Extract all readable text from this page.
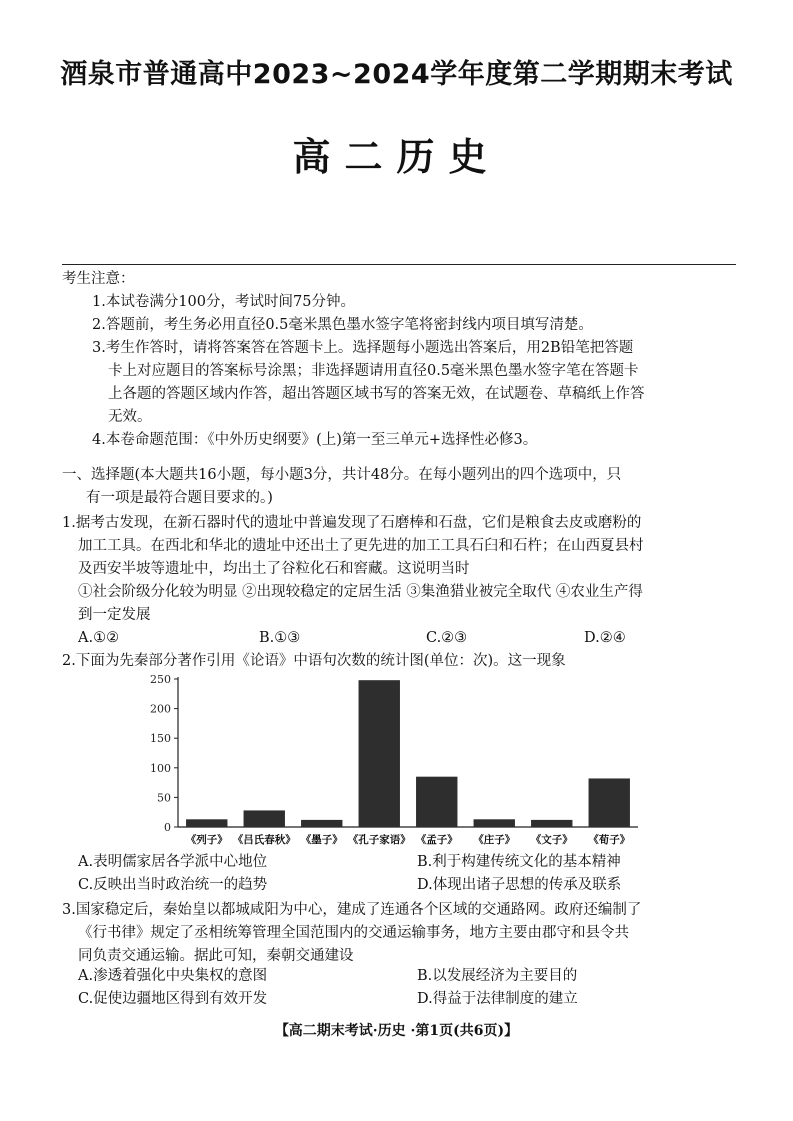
酒泉市普通高中2023~2024学年度第二学期期末考试
高二历史
考生注意：
1.本试卷满分100分，考试时间75分钟。
2.答题前，考生务必用直径0.5毫米黑色墨水签字笔将密封线内项目填写清楚。
3.考生作答时，请将答案答在答题卡上。选择题每小题选出答案后，用2B铅笔把答题
卡上对应题目的答案标号涂黑；非选择题请用直径0.5毫米黑色墨水签字笔在答题卡
上各题的答题区域内作答，超出答题区域书写的答案无效，在试题卷、草稿纸上作答
无效。
4.本卷命题范围：《中外历史纲要》(上)第一至三单元+选择性必修3。
一、选择题(本大题共16小题，每小题3分，共计48分。在每小题列出的四个选项中，只
有一项是最符合题目要求的。)
1.据考古发现，在新石器时代的遗址中普遍发现了石磨棒和石盘，它们是粮食去皮或磨粉的
加工工具。在西北和华北的遗址中还出土了更先进的加工工具石臼和石杵；在山西夏县村
及西安半坡等遗址中，均出土了谷粒化石和窖藏。这说明当时
①社会阶级分化较为明显 ②出现较稳定的定居生活 ③集渔猎业被完全取代 ④农业生产得
到一定发展
A.①②	B.①③	C.②③	D.②④
2.下面为先秦部分著作引用《论语》中语句次数的统计图(单位：次)。这一现象
0
50
100
150
200
250
《列子》 《吕氏春秋》 《墨子》 《孔子家语》 《孟子》 《庄子》 《文子》 《荀子》
A.表明儒家居各学派中心地位	B.利于构建传统文化的基本精神
C.反映出当时政治统一的趋势	D.体现出诸子思想的传承及联系
3.国家稳定后，秦始皇以都城咸阳为中心，建成了连通各个区域的交通路网。政府还编制了
《行书律》规定了丞相统筹管理全国范围内的交通运输事务，地方主要由郡守和县令共
同负责交通运输。据此可知，秦朝交通建设
A.渗透着强化中央集权的意图	B.以发展经济为主要目的
C.促使边疆地区得到有效开发	D.得益于法律制度的建立
【高二期末考试·历史 ·第1页(共6页)】
